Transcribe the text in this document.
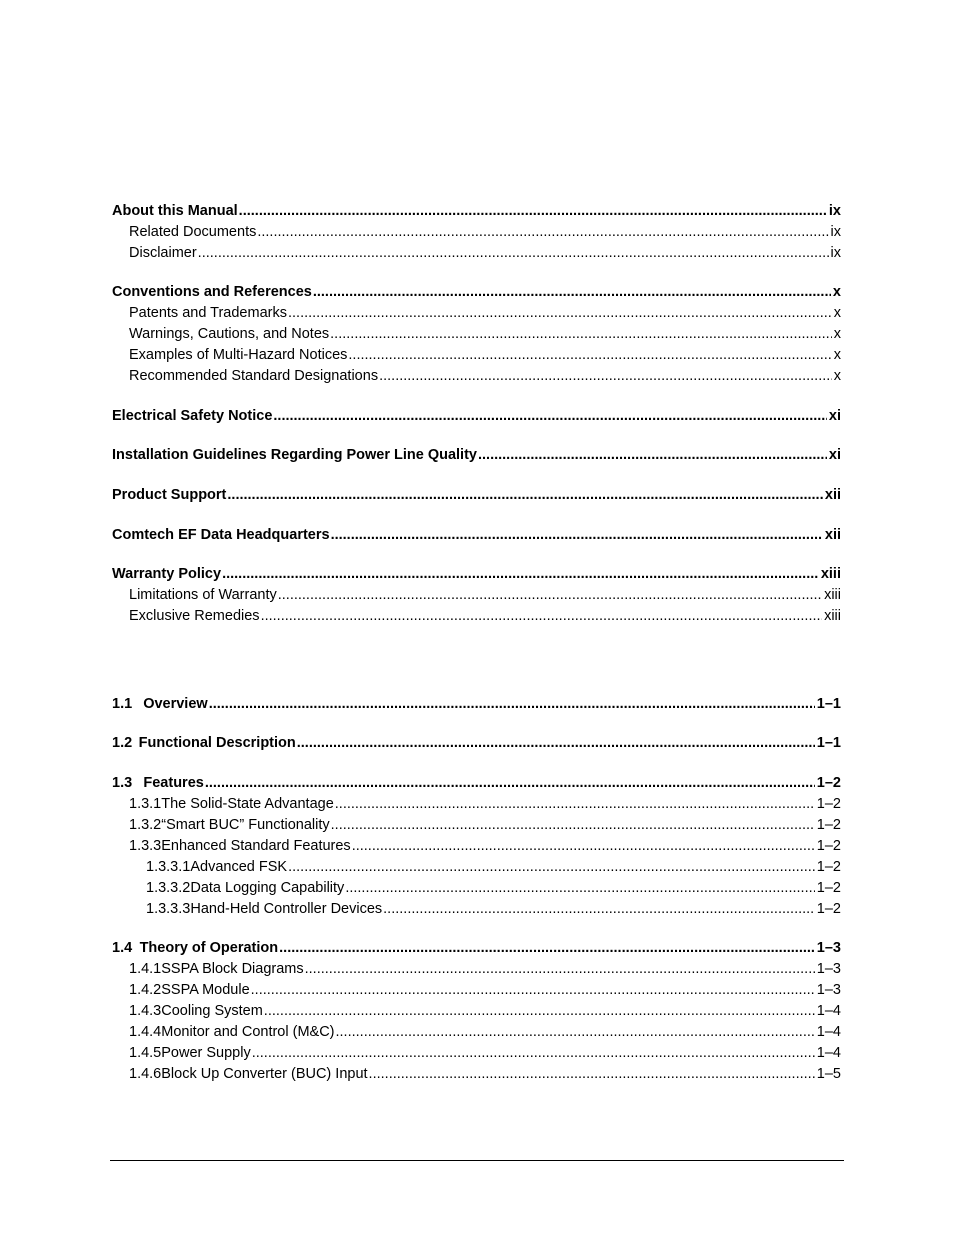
About this Manual .....	ix
Related Documents .....	ix
Disclaimer .....	ix
Conventions and References .....	x
Patents and Trademarks .....	x
Warnings, Cautions, and Notes .....	x
Examples of Multi-Hazard Notices .....	x
Recommended Standard Designations .....	x
Electrical Safety Notice .....	xi
Installation Guidelines Regarding Power Line Quality .....	xi
Product Support .....	xii
Comtech EF Data Headquarters .....	xii
Warranty Policy .....	xiii
Limitations of Warranty .....	xiii
Exclusive Remedies .....	xiii
1.1 Overview .....	1–1
1.2 Functional Description .....	1–1
1.3 Features .....	1–2
1.3.1 The Solid-State Advantage .....	1–2
1.3.2 “Smart BUC” Functionality .....	1–2
1.3.3 Enhanced Standard Features .....	1–2
1.3.3.1 Advanced FSK .....	1–2
1.3.3.2 Data Logging Capability .....	1–2
1.3.3.3 Hand-Held Controller Devices .....	1–2
1.4 Theory of Operation .....	1–3
1.4.1 SSPA Block Diagrams .....	1–3
1.4.2 SSPA Module .....	1–3
1.4.3 Cooling System .....	1–4
1.4.4 Monitor and Control (M&C) .....	1–4
1.4.5 Power Supply .....	1–4
1.4.6 Block Up Converter (BUC) Input .....	1–5
